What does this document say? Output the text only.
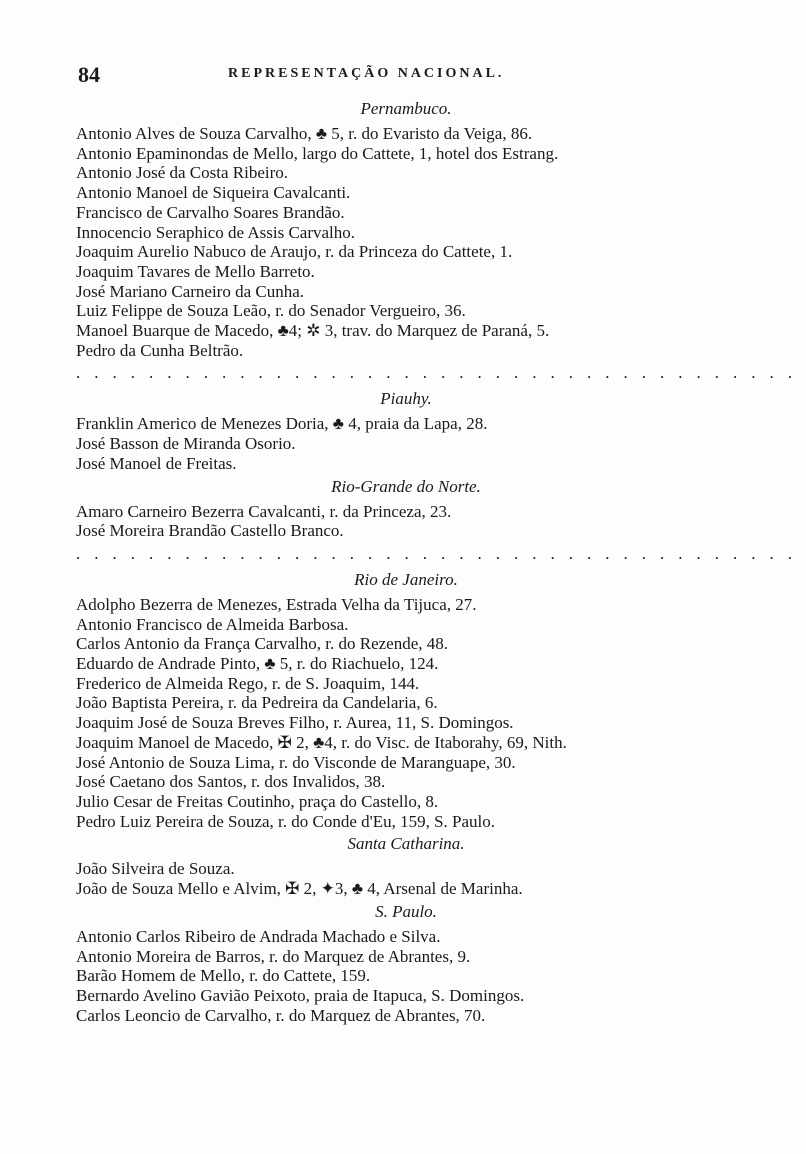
84	REPRESENTAÇÃO NACIONAL.
Pernambuco.
Antonio Alves de Souza Carvalho, ♣ 5, r. do Evaristo da Veiga, 86.
Antonio Epaminondas de Mello, largo do Cattete, 1, hotel dos Estrang.
Antonio José da Costa Ribeiro.
Antonio Manoel de Siqueira Cavalcanti.
Francisco de Carvalho Soares Brandão.
Innocencio Seraphico de Assis Carvalho.
Joaquim Aurelio Nabuco de Araujo, r. da Princeza do Cattete, 1.
Joaquim Tavares de Mello Barreto.
José Mariano Carneiro da Cunha.
Luiz Felippe de Souza Leão, r. do Senador Vergueiro, 36.
Manoel Buarque de Macedo, ♣4; ✲ 3, trav. do Marquez de Paraná, 5.
Pedro da Cunha Beltrão.
........................................
Piauhy.
Franklin Americo de Menezes Doria, ♣ 4, praia da Lapa, 28.
José Basson de Miranda Osorio.
José Manoel de Freitas.
Rio-Grande do Norte.
Amaro Carneiro Bezerra Cavalcanti, r. da Princeza, 23.
José Moreira Brandão Castello Branco.
........................................
Rio de Janeiro.
Adolpho Bezerra de Menezes, Estrada Velha da Tijuca, 27.
Antonio Francisco de Almeida Barbosa.
Carlos Antonio da França Carvalho, r. do Rezende, 48.
Eduardo de Andrade Pinto, ♣ 5, r. do Riachuelo, 124.
Frederico de Almeida Rego, r. de S. Joaquim, 144.
João Baptista Pereira, r. da Pedreira da Candelaria, 6.
Joaquim José de Souza Breves Filho, r. Aurea, 11, S. Domingos.
Joaquim Manoel de Macedo, ✠ 2, ♣4, r. do Visc. de Itaborahy, 69, Nith.
José Antonio de Souza Lima, r. do Visconde de Maranguape, 30.
José Caetano dos Santos, r. dos Invalidos, 38.
Julio Cesar de Freitas Coutinho, praça do Castello, 8.
Pedro Luiz Pereira de Souza, r. do Conde d'Eu, 159, S. Paulo.
Santa Catharina.
João Silveira de Souza.
João de Souza Mello e Alvim, ✠ 2, ✦3, ♣ 4, Arsenal de Marinha.
S. Paulo.
Antonio Carlos Ribeiro de Andrada Machado e Silva.
Antonio Moreira de Barros, r. do Marquez de Abrantes, 9.
Barão Homem de Mello, r. do Cattete, 159.
Bernardo Avelino Gavião Peixoto, praia de Itapuca, S. Domingos.
Carlos Leoncio de Carvalho, r. do Marquez de Abrantes, 70.
